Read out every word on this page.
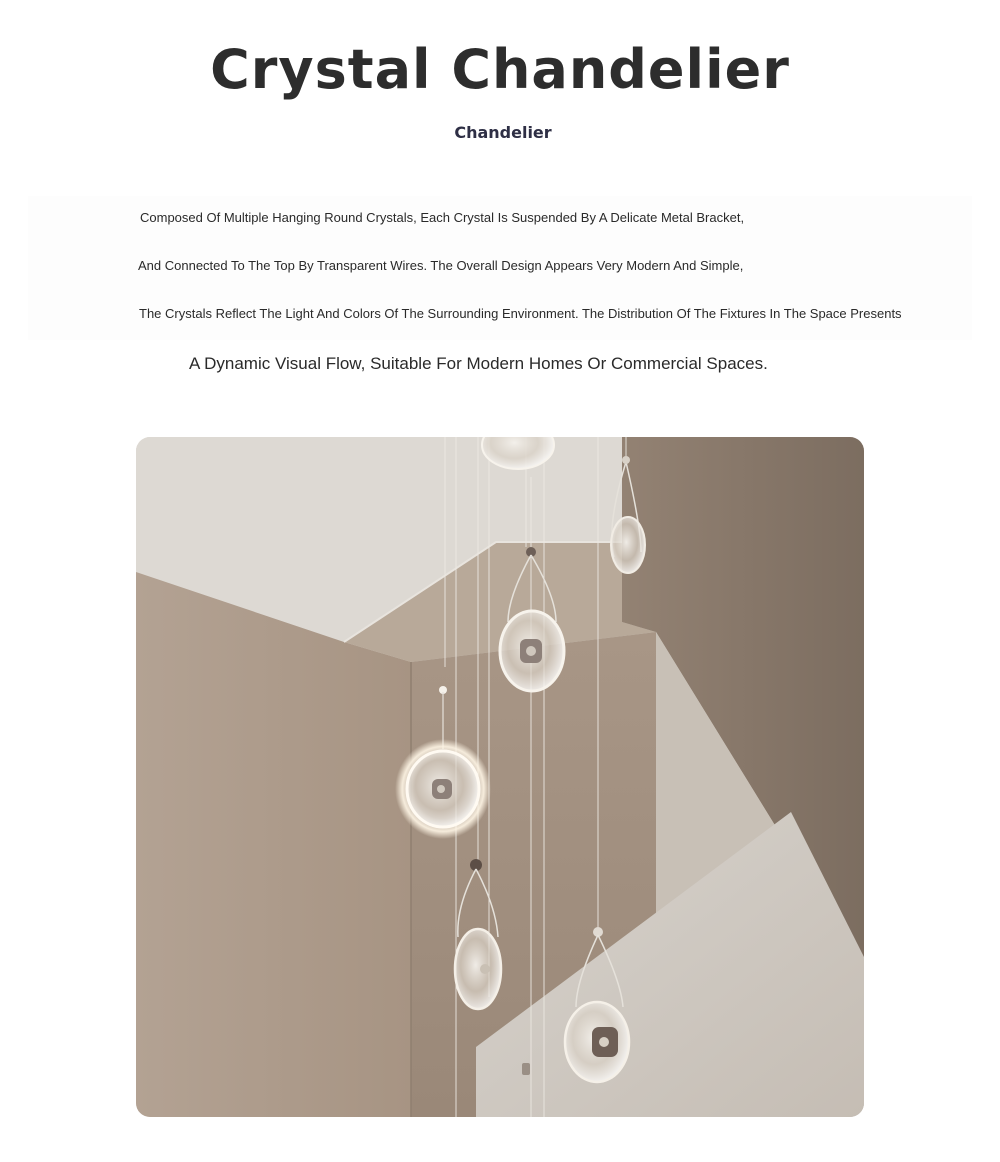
Crystal Chandelier
Chandelier
Composed Of Multiple Hanging Round Crystals, Each Crystal Is Suspended By A Delicate Metal Bracket,
And Connected To The Top By Transparent Wires. The Overall Design Appears Very Modern And Simple,
The Crystals Reflect The Light And Colors Of The Surrounding Environment. The Distribution Of The Fixtures In The Space Presents
A Dynamic Visual Flow, Suitable For Modern Homes Or Commercial Spaces.
